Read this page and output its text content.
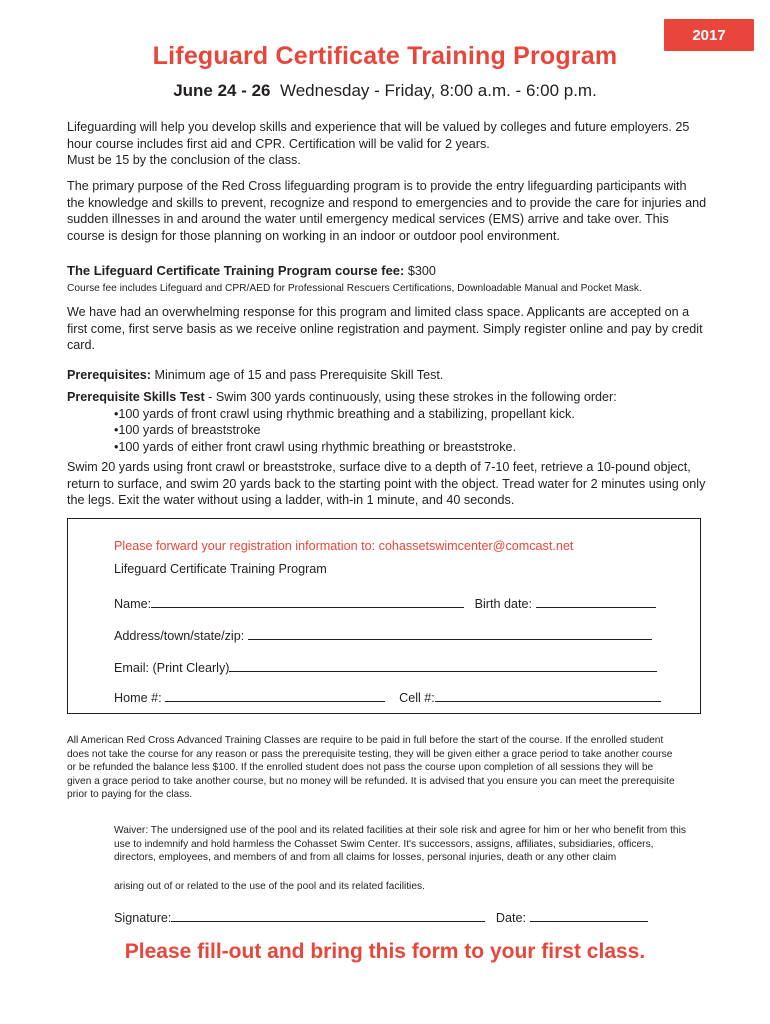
2017
Lifeguard Certificate Training Program
June 24 - 26 Wednesday - Friday, 8:00 a.m. - 6:00 p.m.
Lifeguarding will help you develop skills and experience that will be valued by colleges and future employers. 25 hour course includes first aid and CPR. Certification will be valid for 2 years.
Must be 15 by the conclusion of the class.
The primary purpose of the Red Cross lifeguarding program is to provide the entry lifeguarding participants with the knowledge and skills to prevent, recognize and respond to emergencies and to provide the care for injuries and sudden illnesses in and around the water until emergency medical services (EMS) arrive and take over. This course is design for those planning on working in an indoor or outdoor pool environment.
The Lifeguard Certificate Training Program course fee: $300
Course fee includes Lifeguard and CPR/AED for Professional Rescuers Certifications, Downloadable Manual and Pocket Mask.
We have had an overwhelming response for this program and limited class space. Applicants are accepted on a first come, first serve basis as we receive online registration and payment. Simply register online and pay by credit card.
Prerequisites: Minimum age of 15 and pass Prerequisite Skill Test.
Prerequisite Skills Test - Swim 300 yards continuously, using these strokes in the following order:
• 100 yards of front crawl using rhythmic breathing and a stabilizing, propellant kick.
• 100 yards of breaststroke
• 100 yards of either front crawl using rhythmic breathing or breaststroke.
Swim 20 yards using front crawl or breaststroke, surface dive to a depth of 7-10 feet, retrieve a 10-pound object, return to surface, and swim 20 yards back to the starting point with the object. Tread water for 2 minutes using only the legs. Exit the water without using a ladder, with-in 1 minute, and 40 seconds.
Please forward your registration information to: cohassetswimcenter@comcast.net
Lifeguard Certificate Training Program
Name:	Birth date:
Address/town/state/zip:
Email: (Print Clearly)
Home #:	Cell #:
All American Red Cross Advanced Training Classes are require to be paid in full before the start of the course. If the enrolled student does not take the course for any reason or pass the prerequisite testing, they will be given either a grace period to take another course or be refunded the balance less $100. If the enrolled student does not pass the course upon completion of all sessions they will be given a grace period to take another course, but no money will be refunded. It is advised that you ensure you can meet the prerequisite prior to paying for the class.
Waiver: The undersigned use of the pool and its related facilities at their sole risk and agree for him or her who benefit from this use to indemnify and hold harmless the Cohasset Swim Center. It's successors, assigns, affiliates, subsidiaries, officers, directors, employees, and members of and from all claims for losses, personal injuries, death or any other claim
arising out of or related to the use of the pool and its related facilities.
Signature:	Date:
Please fill-out and bring this form to your first class.
